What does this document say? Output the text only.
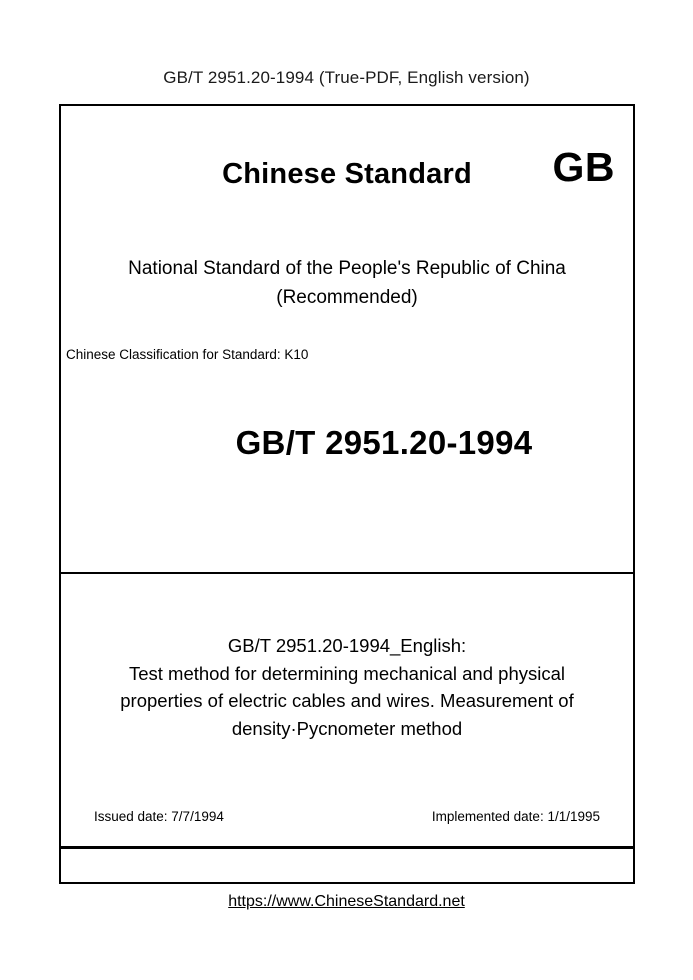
GB/T 2951.20-1994 (True-PDF, English version)
Chinese Standard	GB
National Standard of the People's Republic of China
(Recommended)
Chinese Classification for Standard: K10
GB/T 2951.20-1994
GB/T 2951.20-1994_English:
Test method for determining mechanical and physical
properties of electric cables and wires. Measurement of
density·Pycnometer method
Issued date: 7/7/1994	Implemented date: 1/1/1995
https://www.ChineseStandard.net
